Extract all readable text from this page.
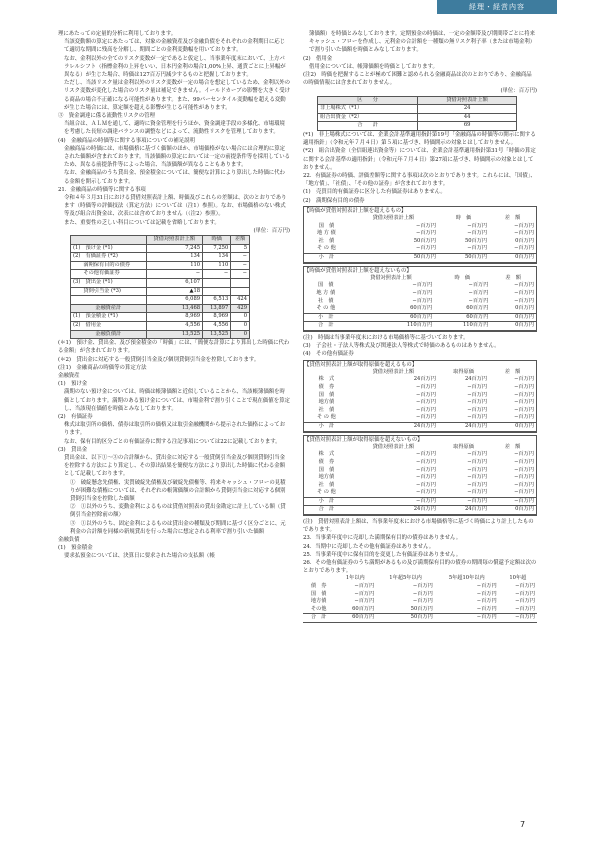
経理・経営内容

理にあたっての定量的分析に利用しております。

当該変動額の算定にあたっては、対象の金融資産及び金融負債をそれぞれの金利期日に応じて適切な期間に残高を分解し、期間ごとの金利変動幅を用いております。

なお、金利以外の全てのリスク変数が一定であると仮定し、当事業年度末において、上方パラレルシフト（指標金利の上昇をいい、日本円金利の場合1,00%上昇、通貨ごとに上昇幅が異なる）が生じた場合、時価は127百万円減少するものと把握しております。

ただし、当該リスク量は金利以外のリスク変数が一定の場合を想定しているため、金利以外のリスク変数が変化した場合のリスク量は補足できません。イールドカーブの影響を大きく受ける商品の場合不正確になる可能性があります。また、99パーセンタイル変動幅を超える変動が生じた場合には、算定額を超える影響が生じる可能性があります。

③　資金調達に係る流動性リスクの管理

当組合は、ＡＬＭを通して、適時に資金管理を行うほか、資金調達手段の多様化、市場環境を考慮した長短の調達バランスの調整などによって、流動性リスクを管理しております。

(4)　金融商品の時価等に関する事項についての補足説明

金融商品の時価には、市場価格に基づく価額のほか、市場価格がない場合には合理的に算定された価額が含まれております。当該価額の算定においては一定の前提条件等を採用しているため、異なる前提条件等によった場合、当該価額が異なることもあります。

なお、金融商品のうち貸出金、預金積金については、簡便な計算により算出した時価に代わる金額を開示しております。

21．金融商品の時価等に関する事項

令和４年３月31日における貸借対照表計上額、時価及びこれらの差額は、次のとおりであります（時価等の評価技法（算定方法）については（注1）参照）。なお、市場価格のない株式等及び組合出資金は、次表には含めておりません（（注2）参照）。

また、重要性の乏しい科目については記載を省略しております。

(単位：百万円)

	貸借対照表計上額	時価	差額
(1)　預け金 (*1)	7,245	7,250	5
(2)　有価証券 (*2)	134	134	−
　　満期保有目的の債券	110	110	−
　　その他有価証券	−	−	−
(3)　貸出金 (*1)	6,107		
　　貸倒引当金 (*3)	▲18		
	6,089	6,513	424
金融資産計	13,468	13,897	429
(1)　預金積金 (*1)	8,969	8,969	0
(2)　借用金	4,556	4,556	0
金融負債計	13,525	13,525	0

(＊1)　預け金、貸出金、及び預金積金の「時価」には、「簡便な計算により算出した時価に代わる金額」が含まれております。

(＊2)　貸出金に対応する一般貸倒引当金及び個別貸倒引当金を控除しております。

(注1)　金融商品の時価等の算定方法

金融資産

(1)　預け金

満期のない預け金については、時価は帳簿価額と近似していることから、当該帳簿価額を時価としております。満期のある預け金については、市場金利で割り引くことで現在価値を算定し、当該現在価値を時価とみなしております。

(2)　有価証券

株式は取引所の価格、債券は取引所の価格又は取引金融機関から提示された価格によっております。

なお、保有目的区分ごとの有価証券に関する注記事項については22に記載しております。

(3)　貸出金

貸出金は、以下①〜③の合計額から、貸出金に対応する一般貸倒引当金及び個別貸倒引当金を控除する方法により算定し、その算出結果を簡便な方法により算出した時価に代わる金額として記載しております。

①　破綻懸念先債権、実質破綻先債権及び破綻先債権等、将来キャッシュ・フローの見積りが困難な債権については、それぞれの帳簿価額の合計額から貸倒引当金に対応する個別貸倒引当金を控除した価額

②　①以外のうち、変動金利によるものは貸借対照表の貸出金勘定に計上している額（貸倒引当金控除前の額）

③　①以外のうち、固定金利によるものは貸出金の種類及び期間に基づく区分ごとに、元利金の合計額を同様の新規貸出を行った場合に想定される利率で割り引いた価額

金融負債

(1)　預金積金

要求払預金については、決算日に要求された場合の支払額（帳

簿価額）を時価とみなしております。定期預金の時価は、一定の金額帯及び期間帯ごとに将来キャッシュ・フローを作成し、元利金の合計額を一種類の無リスク利子率（または市場金利）で割り引いた価額を時価とみなしております。

(2)　借用金

借用金については、帳簿価額を時価としております。

(注2)　時価を把握することが極めて困難と認められる金融商品は次のとおりであり、金融商品の時価情報には含まれておりません。

(単位：百万円)

区　　分	貸借対照表計上額
非上場株式（*1）	24
組合出資金（*2）	44
合　　計	69

(*1)　非上場株式については、企業会計基準適用指針第19号「金融商品の時価等の開示に関する適用指針」（令和元年７月４日）第５項に基づき、時価開示の対象とはしておりません。

(*2)　組合出資金（全信組連出資金等）については、企業会計基準適用指針第31号「時価の算定に関する会計基準の適用指針」（令和元年７月４日）第27項に基づき、時価開示の対象とはしておりません。

22．有価証券の時価、評価差額等に関する事項は次のとおりであります。これらには、「国債」、「地方債」、「社債」、「その他の証券」が含まれております。

(1)　売買目的有価証券に区分した有価証券はありません。

(2)　満期保有目的の債券

【時価が貸借対照表計上額を超えるもの】

	貸借対照表計上額	時　価	差　額
国　債	−百万円	−百万円	−百万円
地 方 債	−百万円	−百万円	−百万円
社　債	50百万円	50百万円	0百万円
そ の 他	−百万円	−百万円	−百万円
小　計	50百万円	50百万円	0百万円

【時価が貸借対照表計上額を超えないもの】

	貸借対照表計上額	時　価	差　額
国　債	−百万円	−百万円	−百万円
地 方 債	−百万円	−百万円	−百万円
社　債	−百万円	−百万円	−百万円
そ の 他	60百万円	60百万円	0百万円
小　計	60百万円	60百万円	0百万円
合　計	110百万円	110百万円	0百万円

(注)　時価は当事業年度末における市場価格等に基づいております。

(3)　子会社・子法人等株式及び関連法人等株式で時価のあるものはありません。

(4)　その他有価証券

【貸借対照表計上額が取得原価を超えるもの】

	貸借対照表計上額	取得原価	差　額
株　式	24百万円	24百万円	−百万円
債　券	−百万円	−百万円	−百万円
国　債	−百万円	−百万円	−百万円
地方債	−百万円	−百万円	−百万円
社　債	−百万円	−百万円	−百万円
そ の 他	−百万円	−百万円	−百万円
小　計	24百万円	24百万円	0百万円

【貸借対照表計上額が取得原価を超えないもの】

	貸借対照表計上額	取得原価	差　額
株　式	−百万円	−百万円	−百万円
債　券	−百万円	−百万円	−百万円
国　債	−百万円	−百万円	−百万円
地方債	−百万円	−百万円	−百万円
社　債	−百万円	−百万円	−百万円
そ の 他	−百万円	−百万円	−百万円
小　計	−百万円	−百万円	−百万円
合　計	24百万円	24百万円	0百万円

(注)　貸借対照表計上額は、当事業年度末における市場価格等に基づく時価により計上したものであります。

23．当事業年度中に売却した満期保有目的の債券はありません。

24．当期中に売却したその他有価証券はありません。

25．当事業年度中に保有目的を変更した有価証券はありません。

26．その他有価証券のうち満期があるもの及び満期保有目的の債券の期間毎の償還予定額は次のとおりであります。

	1年以内	1年超5年以内	5年超10年以内	10年超
債　券	−百万円	−百万円	−百万円	−百万円
国　債	−百万円	−百万円	−百万円	−百万円
地方債	−百万円	−百万円	−百万円	−百万円
その他	60百万円	50百万円	−百万円	−百万円
合　計	60百万円	50百万円	−百万円	−百万円
7
